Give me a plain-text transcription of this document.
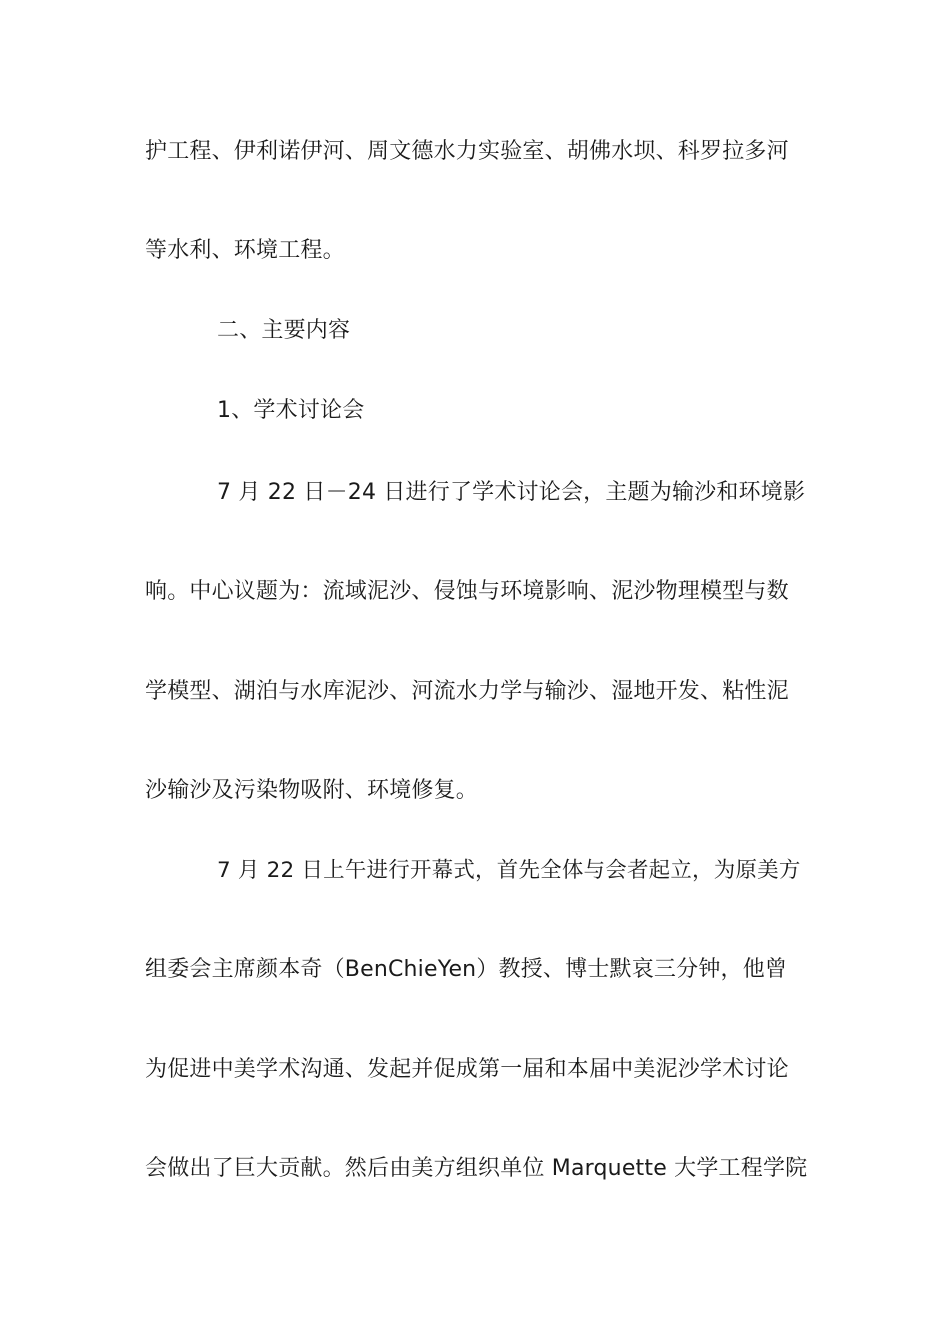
护工程、伊利诺伊河、周文德水力实验室、胡佛水坝、科罗拉多河
等水利、环境工程。
二、主要内容
1、学术讨论会
7 月 22 日－24 日进行了学术讨论会，主题为输沙和环境影
响。中心议题为：流域泥沙、侵蚀与环境影响、泥沙物理模型与数
学模型、湖泊与水库泥沙、河流水力学与输沙、湿地开发、粘性泥
沙输沙及污染物吸附、环境修复。
7 月 22 日上午进行开幕式，首先全体与会者起立，为原美方
组委会主席颜本奇（BenChieYen）教授、博士默哀三分钟，他曾
为促进中美学术沟通、发起并促成第一届和本届中美泥沙学术讨论
会做出了巨大贡献。然后由美方组织单位 Marquette 大学工程学院
